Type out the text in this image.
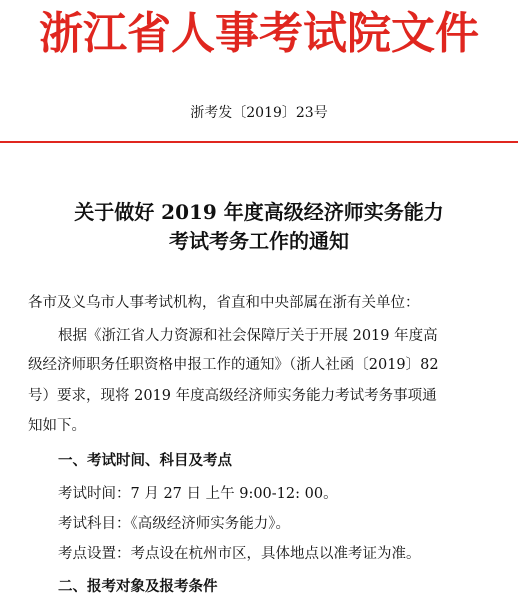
浙江省人事考试院文件
浙考发〔2019〕23号
关于做好 2019 年度高级经济师实务能力
考试考务工作的通知
各市及义乌市人事考试机构，省直和中央部属在浙有关单位：
根据《浙江省人力资源和社会保障厅关于开展 2019 年度高
级经济师职务任职资格申报工作的通知》（浙人社函〔2019〕82
号）要求，现将 2019 年度高级经济师实务能力考试考务事项通
知如下。
一、考试时间、科目及考点
考试时间：7 月 27 日 上午 9:00-12: 00。
考试科目：《高级经济师实务能力》。
考点设置：考点设在杭州市区，具体地点以准考证为准。
二、报考对象及报考条件
